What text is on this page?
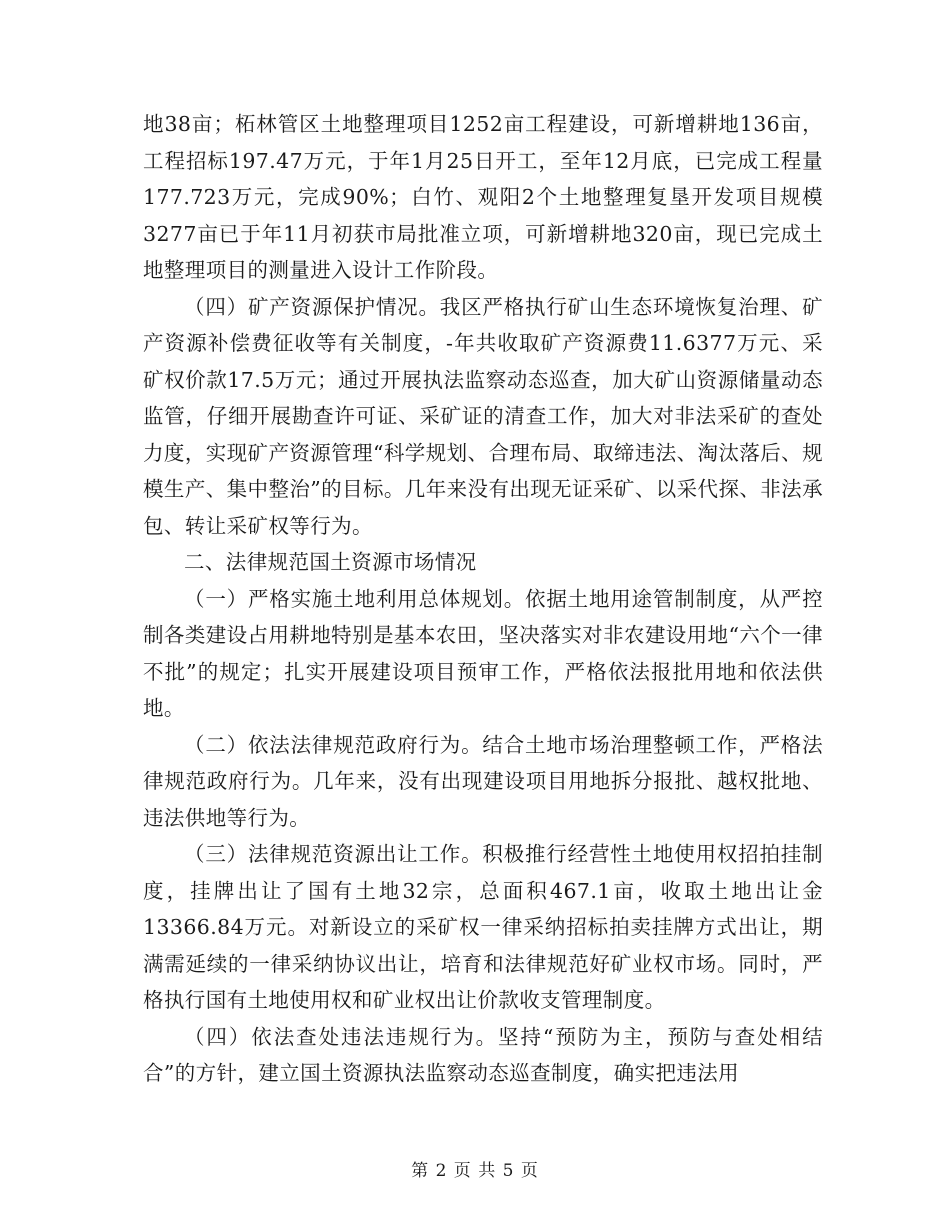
地38亩；柘林管区土地整理项目1252亩工程建设，可新增耕地136亩，工程招标197.47万元，于年1月25日开工，至年12月底，已完成工程量177.723万元，完成90%；白竹、观阳2个土地整理复垦开发项目规模3277亩已于年11月初获市局批准立项，可新增耕地320亩，现已完成土地整理项目的测量进入设计工作阶段。

（四）矿产资源保护情况。我区严格执行矿山生态环境恢复治理、矿产资源补偿费征收等有关制度，-年共收取矿产资源费11.6377万元、采矿权价款17.5万元；通过开展执法监察动态巡查，加大矿山资源储量动态监管，仔细开展勘查许可证、采矿证的清查工作，加大对非法采矿的查处力度，实现矿产资源管理“科学规划、合理布局、取缔违法、淘汰落后、规模生产、集中整治”的目标。几年来没有出现无证采矿、以采代探、非法承包、转让采矿权等行为。

二、法律规范国土资源市场情况

（一）严格实施土地利用总体规划。依据土地用途管制制度，从严控制各类建设占用耕地特别是基本农田，坚决落实对非农建设用地“六个一律不批”的规定；扎实开展建设项目预审工作，严格依法报批用地和依法供地。

（二）依法法律规范政府行为。结合土地市场治理整顿工作，严格法律规范政府行为。几年来，没有出现建设项目用地拆分报批、越权批地、违法供地等行为。

（三）法律规范资源出让工作。积极推行经营性土地使用权招拍挂制度，挂牌出让了国有土地32宗，总面积467.1亩，收取土地出让金13366.84万元。对新设立的采矿权一律采纳招标拍卖挂牌方式出让，期满需延续的一律采纳协议出让，培育和法律规范好矿业权市场。同时，严格执行国有土地使用权和矿业权出让价款收支管理制度。

（四）依法查处违法违规行为。坚持“预防为主，预防与查处相结合”的方针，建立国土资源执法监察动态巡查制度，确实把违法用

第 2 页 共 5 页
